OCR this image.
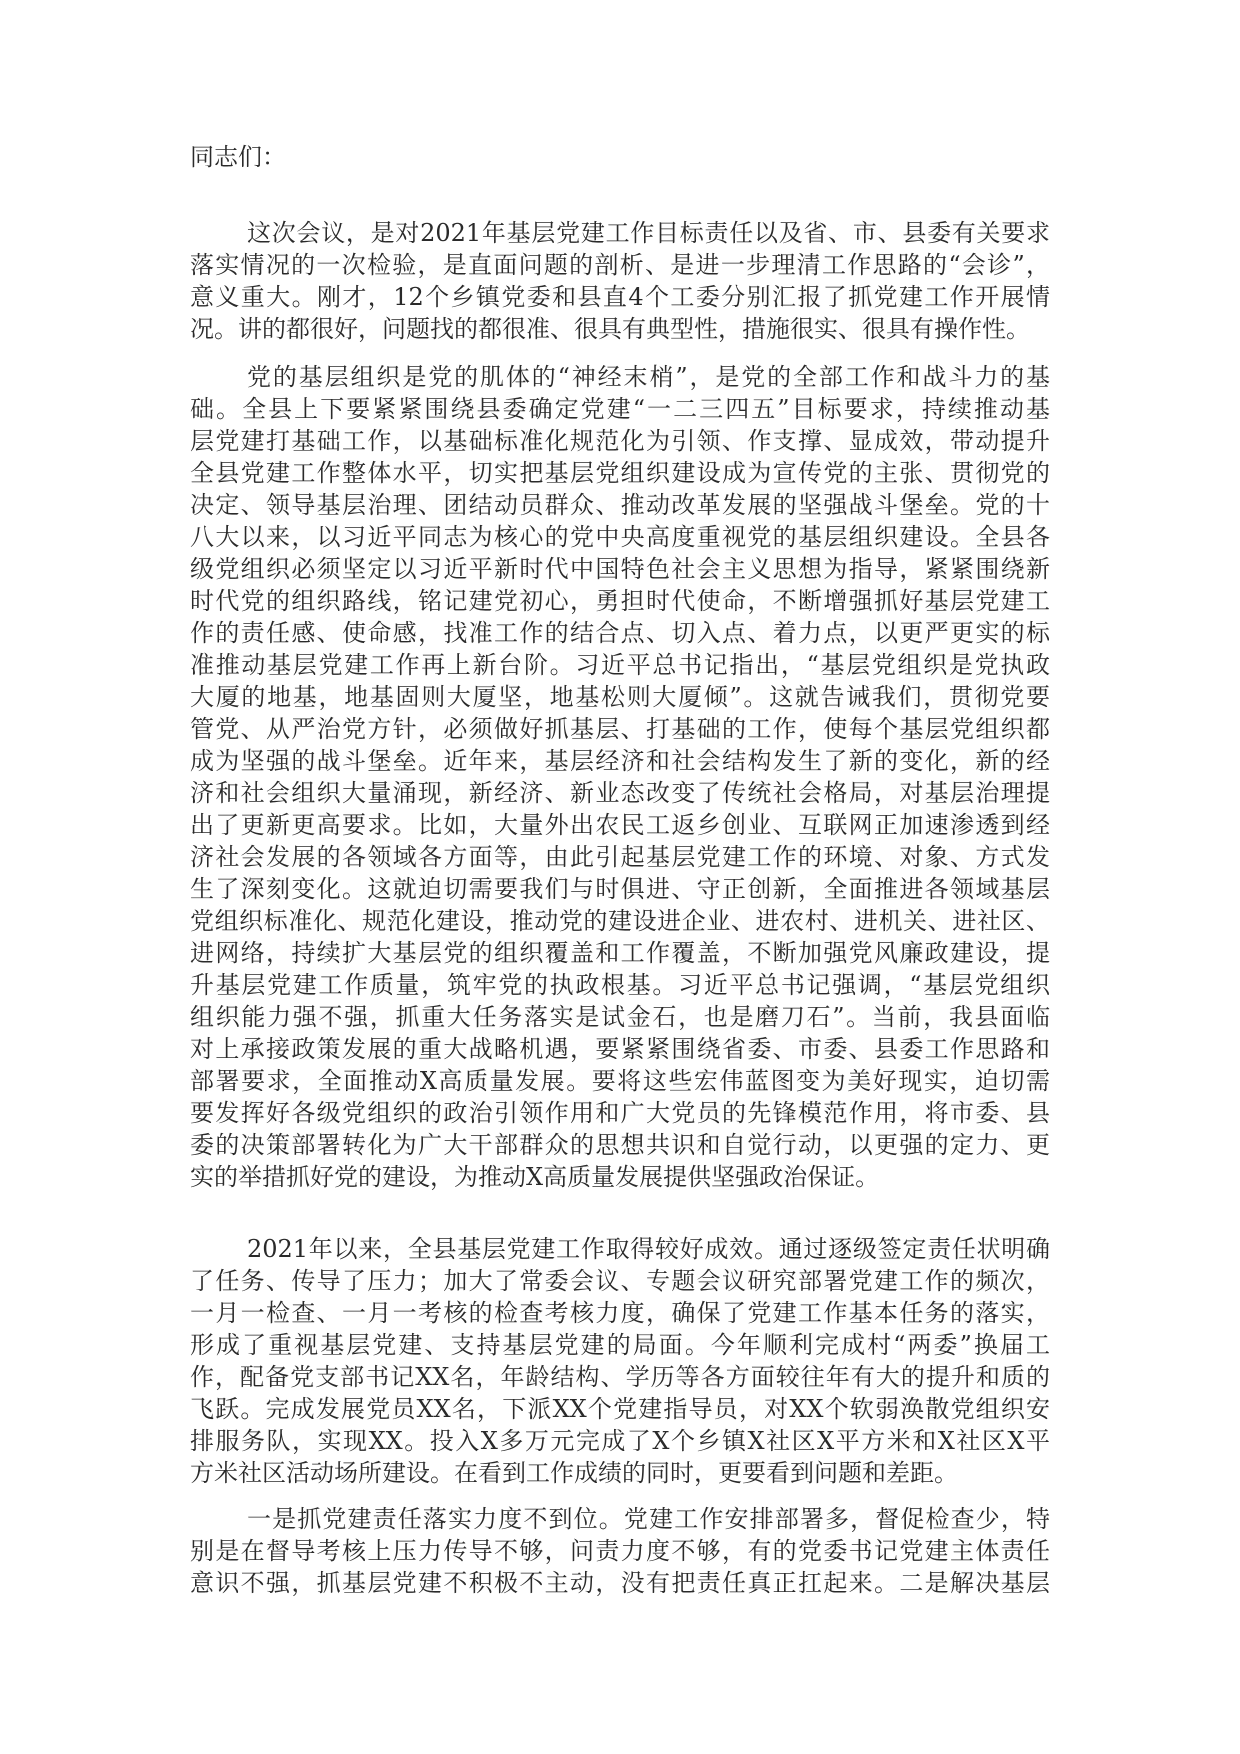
同志们：
这次会议，是对2021年基层党建工作目标责任以及省、市、县委有关要求
落实情况的一次检验，是直面问题的剖析、是进一步理清工作思路的“会诊”，
意义重大。刚才，12个乡镇党委和县直4个工委分别汇报了抓党建工作开展情
况。讲的都很好，问题找的都很准、很具有典型性，措施很实、很具有操作性。
党的基层组织是党的肌体的“神经末梢”，是党的全部工作和战斗力的基
础。全县上下要紧紧围绕县委确定党建“一二三四五”目标要求，持续推动基
层党建打基础工作，以基础标准化规范化为引领、作支撑、显成效，带动提升
全县党建工作整体水平，切实把基层党组织建设成为宣传党的主张、贯彻党的
决定、领导基层治理、团结动员群众、推动改革发展的坚强战斗堡垒。党的十
八大以来，以习近平同志为核心的党中央高度重视党的基层组织建设。全县各
级党组织必须坚定以习近平新时代中国特色社会主义思想为指导，紧紧围绕新
时代党的组织路线，铭记建党初心，勇担时代使命，不断增强抓好基层党建工
作的责任感、使命感，找准工作的结合点、切入点、着力点，以更严更实的标
准推动基层党建工作再上新台阶。习近平总书记指出，“基层党组织是党执政
大厦的地基，地基固则大厦坚，地基松则大厦倾”。这就告诫我们，贯彻党要
管党、从严治党方针，必须做好抓基层、打基础的工作，使每个基层党组织都
成为坚强的战斗堡垒。近年来，基层经济和社会结构发生了新的变化，新的经
济和社会组织大量涌现，新经济、新业态改变了传统社会格局，对基层治理提
出了更新更高要求。比如，大量外出农民工返乡创业、互联网正加速渗透到经
济社会发展的各领域各方面等，由此引起基层党建工作的环境、对象、方式发
生了深刻变化。这就迫切需要我们与时俱进、守正创新，全面推进各领域基层
党组织标准化、规范化建设，推动党的建设进企业、进农村、进机关、进社区、
进网络，持续扩大基层党的组织覆盖和工作覆盖，不断加强党风廉政建设，提
升基层党建工作质量，筑牢党的执政根基。习近平总书记强调，“基层党组织
组织能力强不强，抓重大任务落实是试金石，也是磨刀石”。当前，我县面临
对上承接政策发展的重大战略机遇，要紧紧围绕省委、市委、县委工作思路和
部署要求，全面推动X高质量发展。要将这些宏伟蓝图变为美好现实，迫切需
要发挥好各级党组织的政治引领作用和广大党员的先锋模范作用，将市委、县
委的决策部署转化为广大干部群众的思想共识和自觉行动，以更强的定力、更
实的举措抓好党的建设，为推动X高质量发展提供坚强政治保证。
2021年以来，全县基层党建工作取得较好成效。通过逐级签定责任状明确
了任务、传导了压力；加大了常委会议、专题会议研究部署党建工作的频次，
一月一检查、一月一考核的检查考核力度，确保了党建工作基本任务的落实，
形成了重视基层党建、支持基层党建的局面。今年顺利完成村“两委”换届工
作，配备党支部书记XX名，年龄结构、学历等各方面较往年有大的提升和质的
飞跃。完成发展党员XX名，下派XX个党建指导员，对XX个软弱涣散党组织安
排服务队，实现XX。投入X多万元完成了X个乡镇X社区X平方米和X社区X平
方米社区活动场所建设。在看到工作成绩的同时，更要看到问题和差距。
一是抓党建责任落实力度不到位。党建工作安排部署多，督促检查少，特
别是在督导考核上压力传导不够，问责力度不够，有的党委书记党建主体责任
意识不强，抓基层党建不积极不主动，没有把责任真正扛起来。二是解决基层
